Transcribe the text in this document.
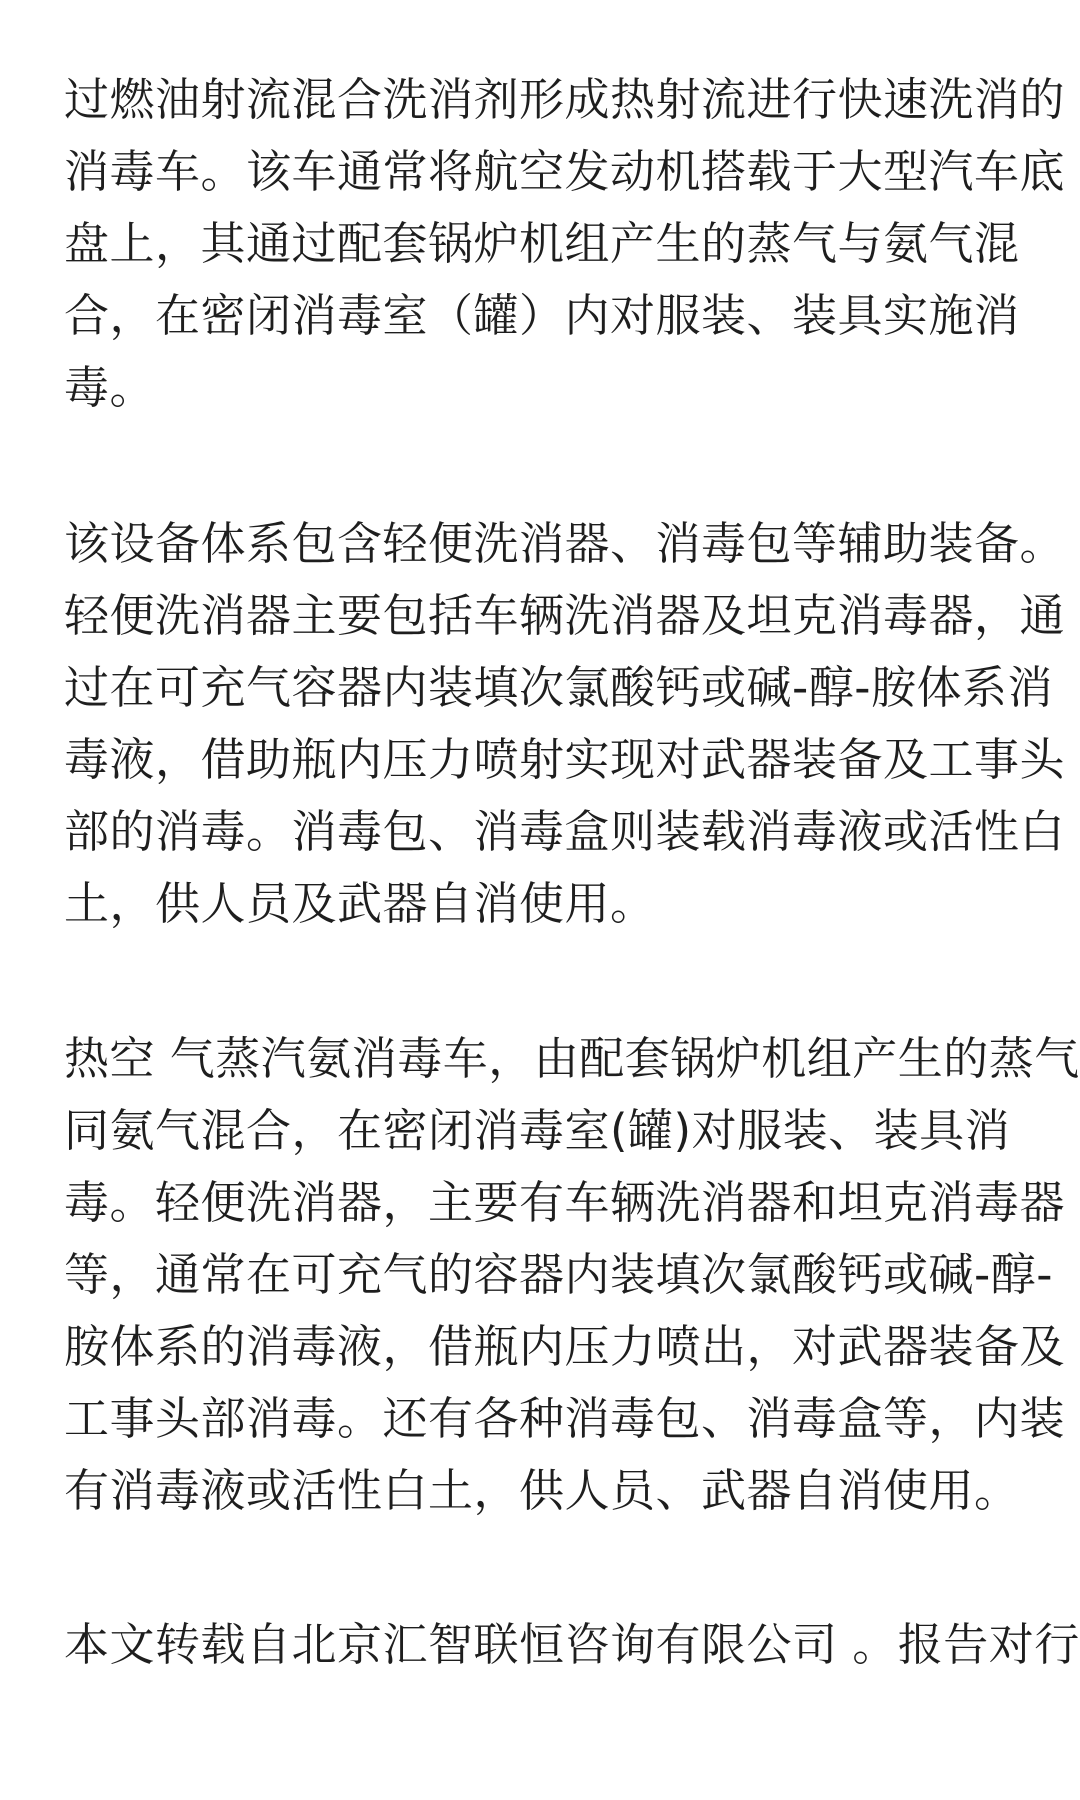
过燃油射流混合洗消剂形成热射流进行快速洗消的
消毒车。该车通常将航空发动机搭载于大型汽车底
盘上，其通过配套锅炉机组产生的蒸气与氨气混
合，在密闭消毒室（罐）内对服装、装具实施消
毒。
该设备体系包含轻便洗消器、消毒包等辅助装备。
轻便洗消器主要包括车辆洗消器及坦克消毒器，通
过在可充气容器内装填次氯酸钙或碱-醇-胺体系消
毒液，借助瓶内压力喷射实现对武器装备及工事头
部的消毒。消毒包、消毒盒则装载消毒液或活性白
土，供人员及武器自消使用。
热空 气蒸汽氨消毒车，由配套锅炉机组产生的蒸气
同氨气混合，在密闭消毒室(罐)对服装、装具消
毒。轻便洗消器，主要有车辆洗消器和坦克消毒器
等，通常在可充气的容器内装填次氯酸钙或碱-醇-
胺体系的消毒液，借瓶内压力喷出，对武器装备及
工事头部消毒。还有各种消毒包、消毒盒等，内装
有消毒液或活性白土，供人员、武器自消使用。
本文转载自北京汇智联恒咨询有限公司 。报告对行
